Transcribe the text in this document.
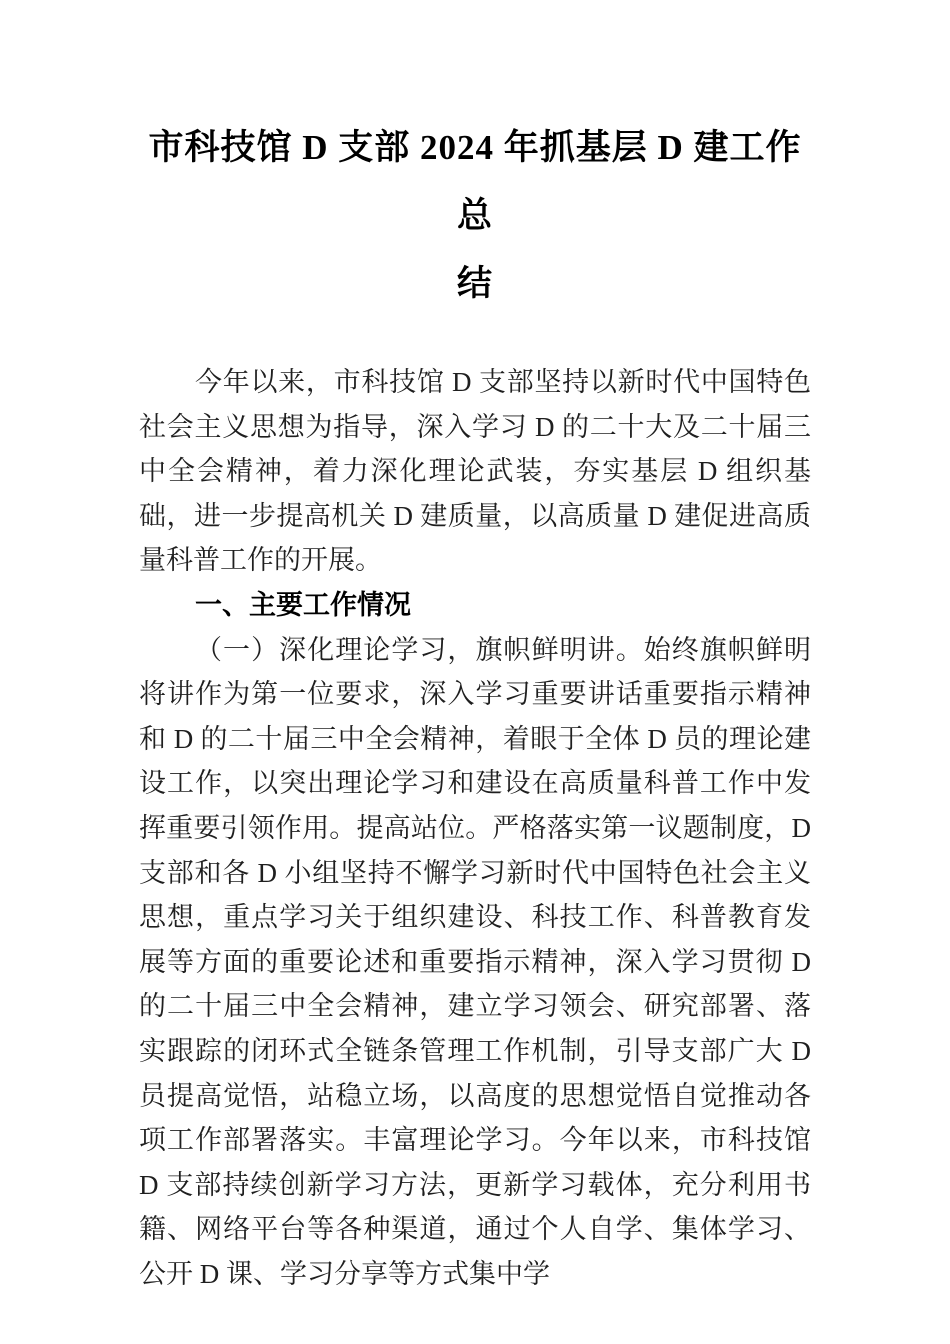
市科技馆 D 支部 2024 年抓基层 D 建工作总
结

今年以来，市科技馆 D 支部坚持以新时代中国特色社会主义思想为指导，深入学习 D 的二十大及二十届三中全会精神，着力深化理论武装，夯实基层 D 组织基础，进一步提高机关 D 建质量，以高质量 D 建促进高质量科普工作的开展。

一、主要工作情况

（一）深化理论学习，旗帜鲜明讲。始终旗帜鲜明将讲作为第一位要求，深入学习重要讲话重要指示精神和 D 的二十届三中全会精神，着眼于全体 D 员的理论建设工作，以突出理论学习和建设在高质量科普工作中发挥重要引领作用。提高站位。严格落实第一议题制度，D 支部和各 D 小组坚持不懈学习新时代中国特色社会主义思想，重点学习关于组织建设、科技工作、科普教育发展等方面的重要论述和重要指示精神，深入学习贯彻 D 的二十届三中全会精神，建立学习领会、研究部署、落实跟踪的闭环式全链条管理工作机制，引导支部广大 D 员提高觉悟，站稳立场，以高度的思想觉悟自觉推动各项工作部署落实。丰富理论学习。今年以来，市科技馆 D 支部持续创新学习方法，更新学习载体，充分利用书籍、网络平台等各种渠道，通过个人自学、集体学习、公开 D 课、学习分享等方式集中学
